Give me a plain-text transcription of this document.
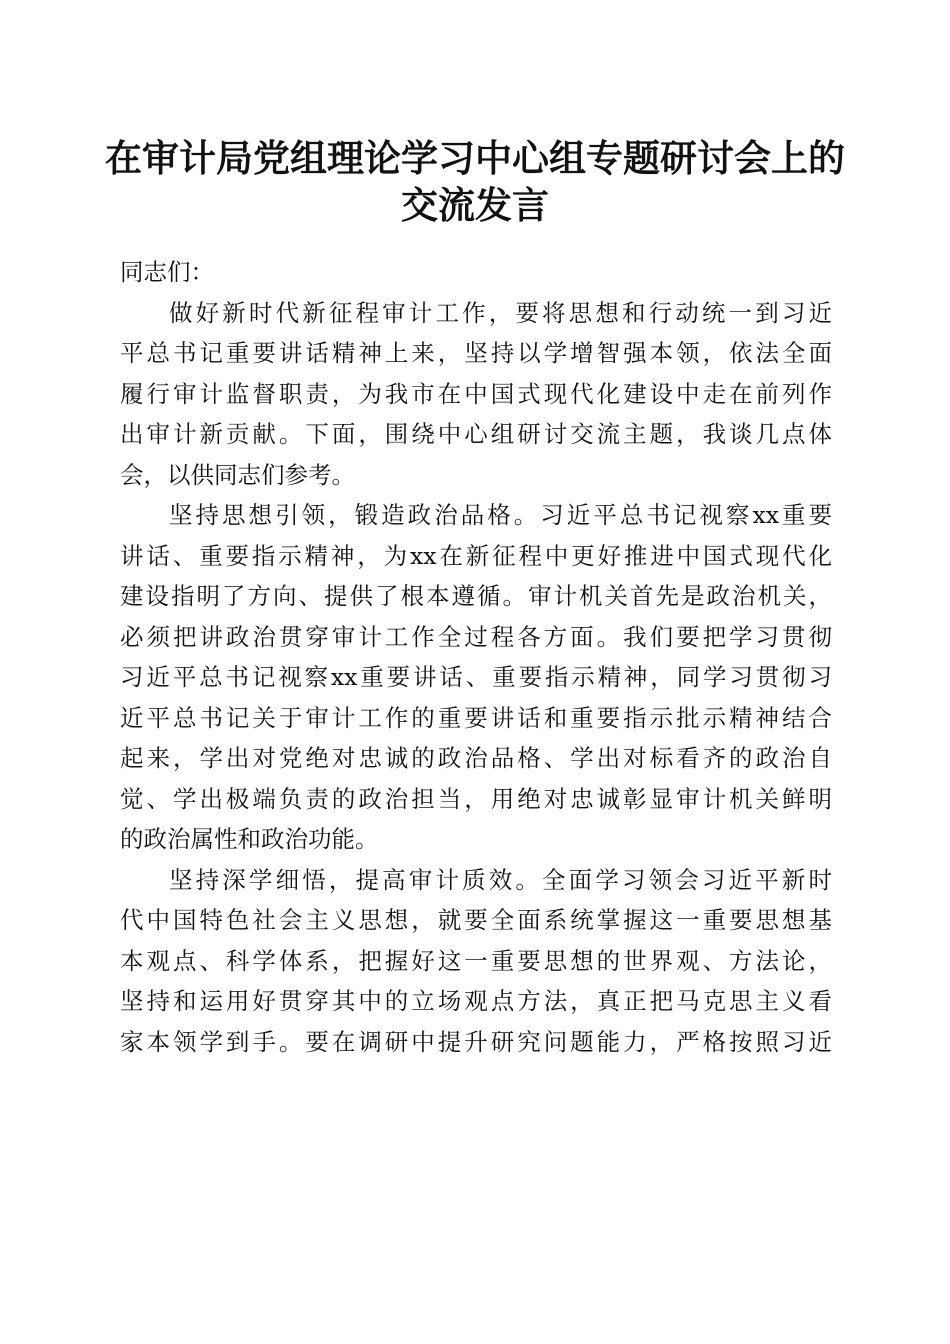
在审计局党组理论学习中心组专题研讨会上的
交流发言

同志们：

做好新时代新征程审计工作，要将思想和行动统一到习近
平总书记重要讲话精神上来，坚持以学增智强本领，依法全面
履行审计监督职责，为我市在中国式现代化建设中走在前列作
出审计新贡献。下面，围绕中心组研讨交流主题，我谈几点体
会，以供同志们参考。
坚持思想引领，锻造政治品格。习近平总书记视察xx重要
讲话、重要指示精神，为xx在新征程中更好推进中国式现代化
建设指明了方向、提供了根本遵循。审计机关首先是政治机关，
必须把讲政治贯穿审计工作全过程各方面。我们要把学习贯彻
习近平总书记视察xx重要讲话、重要指示精神，同学习贯彻习
近平总书记关于审计工作的重要讲话和重要指示批示精神结合
起来，学出对党绝对忠诚的政治品格、学出对标看齐的政治自
觉、学出极端负责的政治担当，用绝对忠诚彰显审计机关鲜明
的政治属性和政治功能。
坚持深学细悟，提高审计质效。全面学习领会习近平新时
代中国特色社会主义思想，就要全面系统掌握这一重要思想基
本观点、科学体系，把握好这一重要思想的世界观、方法论，
坚持和运用好贯穿其中的立场观点方法，真正把马克思主义看
家本领学到手。要在调研中提升研究问题能力，严格按照习近
